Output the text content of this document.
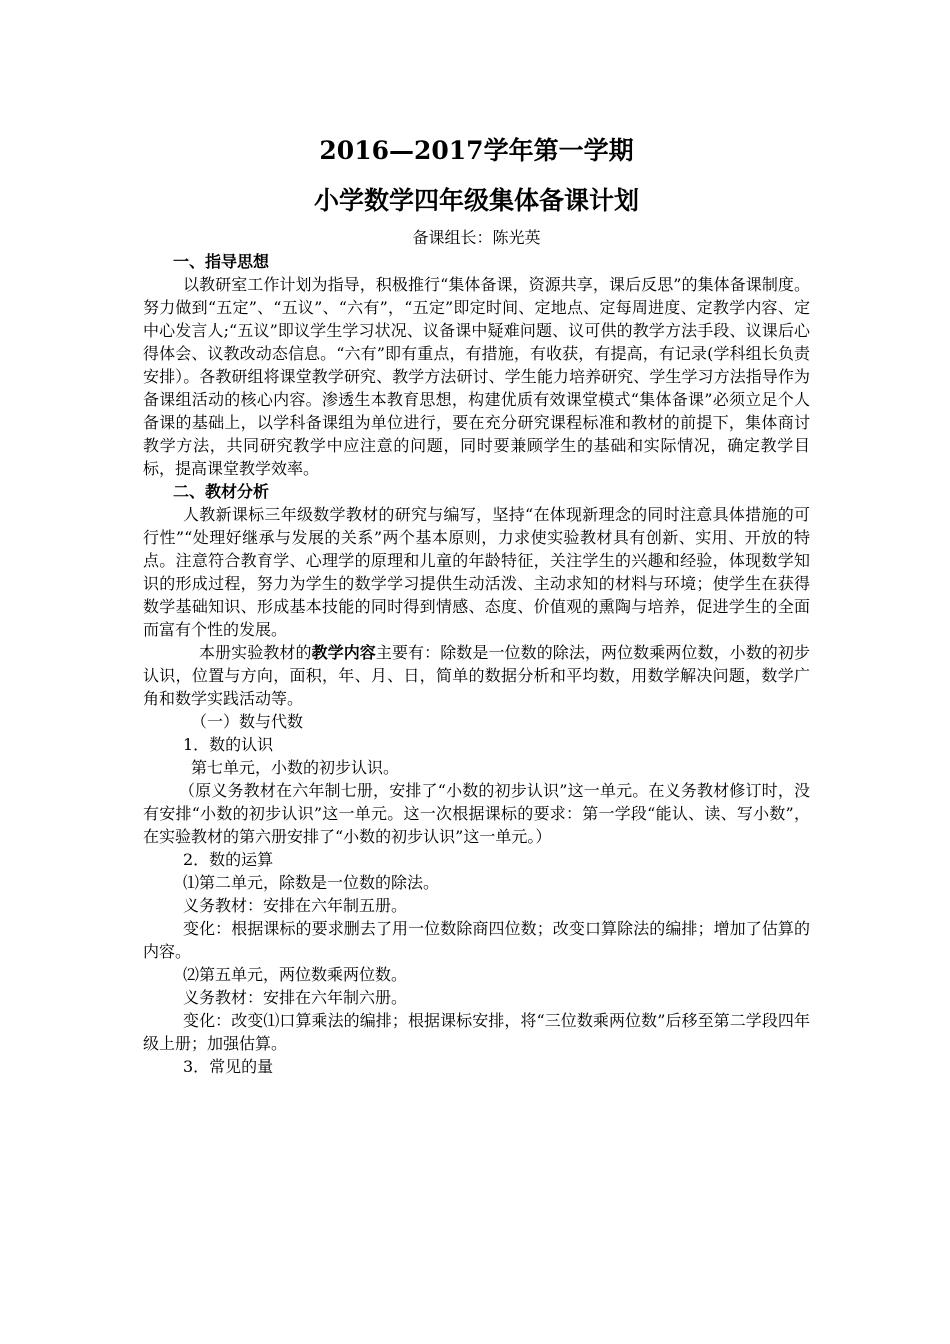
2016—2017学年第一学期

小学数学四年级集体备课计划

备课组长：陈光英

一、指导思想

以教研室工作计划为指导，积极推行“集体备课，资源共享，课后反思”的集体备课制度。努力做到“五定”、“五议”、“六有”，“五定”即定时间、定地点、定每周进度、定教学内容、定中心发言人;“五议”即议学生学习状况、议备课中疑难问题、议可供的教学方法手段、议课后心得体会、议教改动态信息。“六有”即有重点，有措施，有收获，有提高，有记录(学科组长负责安排）。各教研组将课堂教学研究、教学方法研讨、学生能力培养研究、学生学习方法指导作为备课组活动的核心内容。渗透生本教育思想，构建优质有效课堂模式“集体备课”必须立足个人备课的基础上，以学科备课组为单位进行，要在充分研究课程标准和教材的前提下，集体商讨教学方法，共同研究教学中应注意的问题，同时要兼顾学生的基础和实际情况，确定教学目标，提高课堂教学效率。

二、教材分析

人教新课标三年级数学教材的研究与编写，坚持“在体现新理念的同时注意具体措施的可行性”“处理好继承与发展的关系”两个基本原则，力求使实验教材具有创新、实用、开放的特点。注意符合教育学、心理学的原理和儿童的年龄特征，关注学生的兴趣和经验，体现数学知识的形成过程，努力为学生的数学学习提供生动活泼、主动求知的材料与环境；使学生在获得数学基础知识、形成基本技能的同时得到情感、态度、价值观的熏陶与培养，促进学生的全面而富有个性的发展。

本册实验教材的教学内容主要有：除数是一位数的除法，两位数乘两位数，小数的初步认识，位置与方向，面积，年、月、日，简单的数据分析和平均数，用数学解决问题，数学广角和数学实践活动等。

（一）数与代数

1．数的认识

第七单元，小数的初步认识。

（原义务教材在六年制七册，安排了“小数的初步认识”这一单元。在义务教材修订时，没有安排“小数的初步认识”这一单元。这一次根据课标的要求：第一学段“能认、读、写小数”，在实验教材的第六册安排了“小数的初步认识”这一单元。）

2．数的运算

⑴第二单元，除数是一位数的除法。

义务教材：安排在六年制五册。

变化：根据课标的要求删去了用一位数除商四位数；改变口算除法的编排；增加了估算的内容。

⑵第五单元，两位数乘两位数。

义务教材：安排在六年制六册。

变化：改变⑴口算乘法的编排；根据课标安排，将“三位数乘两位数”后移至第二学段四年级上册；加强估算。

3．常见的量
